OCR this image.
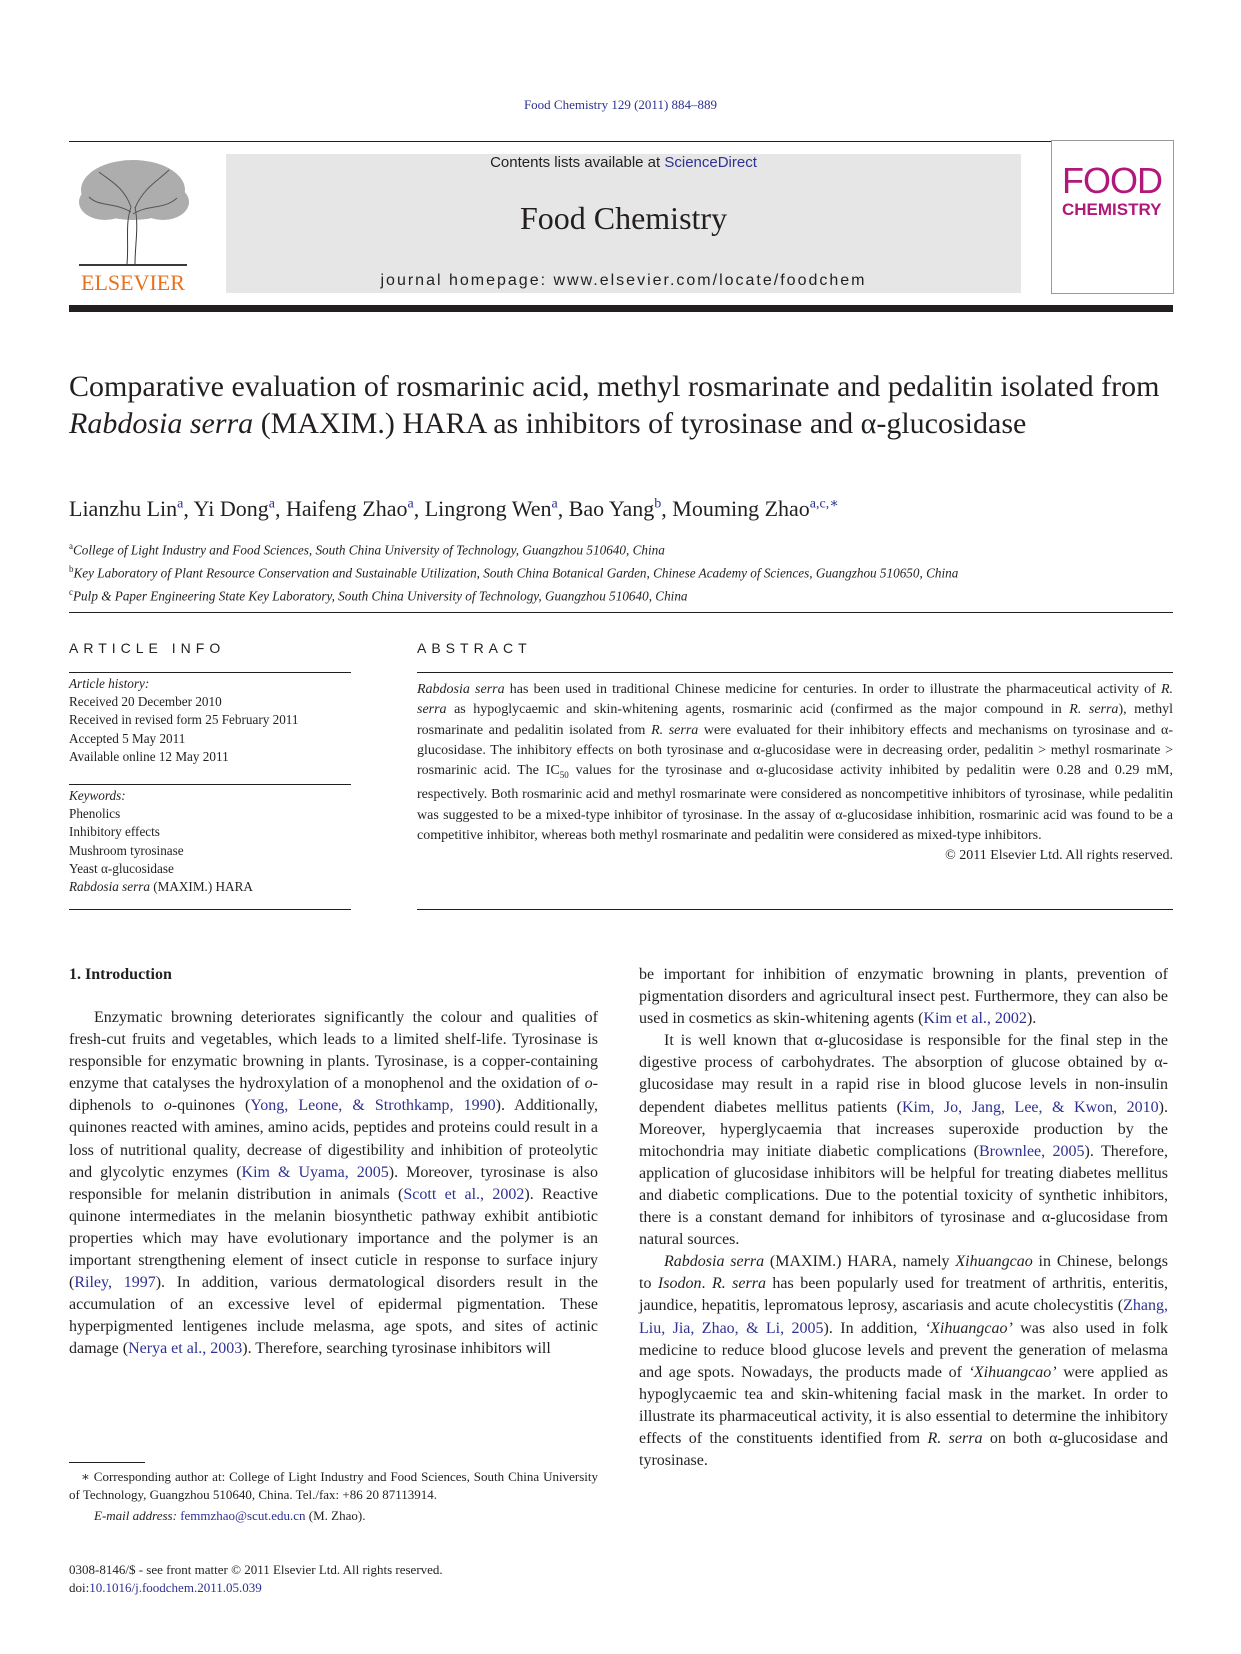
Food Chemistry 129 (2011) 884–889
ELSEVIER
Contents lists available at ScienceDirect
Food Chemistry
journal homepage: www.elsevier.com/locate/foodchem
FOOD
CHEMISTRY
Comparative evaluation of rosmarinic acid, methyl rosmarinate and pedalitin isolated from Rabdosia serra (MAXIM.) HARA as inhibitors of tyrosinase and α-glucosidase
Lianzhu Lin$^a$, Yi Dong$^a$, Haifeng Zhao$^a$, Lingrong Wen$^a$, Bao Yang$^b$, Mouming Zhao$^{a,c,∗}$
$^a$College of Light Industry and Food Sciences, South China University of Technology, Guangzhou 510640, China
$^b$Key Laboratory of Plant Resource Conservation and Sustainable Utilization, South China Botanical Garden, Chinese Academy of Sciences, Guangzhou 510650, China
$^c$Pulp & Paper Engineering State Key Laboratory, South China University of Technology, Guangzhou 510640, China
ARTICLE INFO
Article history:
Received 20 December 2010
Received in revised form 25 February 2011
Accepted 5 May 2011
Available online 12 May 2011
Keywords:
Phenolics
Inhibitory effects
Mushroom tyrosinase
Yeast α-glucosidase
Rabdosia serra (MAXIM.) HARA
ABSTRACT
Rabdosia serra has been used in traditional Chinese medicine for centuries. In order to illustrate the pharmaceutical activity of R. serra as hypoglycaemic and skin-whitening agents, rosmarinic acid (confirmed as the major compound in R. serra), methyl rosmarinate and pedalitin isolated from R. serra were evaluated for their inhibitory effects and mechanisms on tyrosinase and α-glucosidase. The inhibitory effects on both tyrosinase and α-glucosidase were in decreasing order, pedalitin > methyl rosmarinate > rosmarinic acid. The $IC_{50}$ values for the tyrosinase and α-glucosidase activity inhibited by pedalitin were 0.28 and 0.29 mM, respectively. Both rosmarinic acid and methyl rosmarinate were considered as noncompetitive inhibitors of tyrosinase, while pedalitin was suggested to be a mixed-type inhibitor of tyrosinase. In the assay of α-glucosidase inhibition, rosmarinic acid was found to be a competitive inhibitor, whereas both methyl rosmarinate and pedalitin were considered as mixed-type inhibitors.
© 2011 Elsevier Ltd. All rights reserved.
1. Introduction

Enzymatic browning deteriorates significantly the colour and qualities of fresh-cut fruits and vegetables, which leads to a limited shelf-life. Tyrosinase is responsible for enzymatic browning in plants. Tyrosinase, is a copper-containing enzyme that catalyses the hydroxylation of a monophenol and the oxidation of o-diphenols to o-quinones (Yong, Leone, & Strothkamp, 1990). Additionally, quinones reacted with amines, amino acids, peptides and proteins could result in a loss of nutritional quality, decrease of digestibility and inhibition of proteolytic and glycolytic enzymes (Kim & Uyama, 2005). Moreover, tyrosinase is also responsible for melanin distribution in animals (Scott et al., 2002). Reactive quinone intermediates in the melanin biosynthetic pathway exhibit antibiotic properties which may have evolutionary importance and the polymer is an important strengthening element of insect cuticle in response to surface injury (Riley, 1997). In addition, various dermatological disorders result in the accumulation of an excessive level of epidermal pigmentation. These hyperpigmented lentigenes include melasma, age spots, and sites of actinic damage (Nerya et al., 2003). Therefore, searching tyrosinase inhibitors will

be important for inhibition of enzymatic browning in plants, prevention of pigmentation disorders and agricultural insect pest. Furthermore, they can also be used in cosmetics as skin-whitening agents (Kim et al., 2002).

It is well known that α-glucosidase is responsible for the final step in the digestive process of carbohydrates. The absorption of glucose obtained by α-glucosidase may result in a rapid rise in blood glucose levels in non-insulin dependent diabetes mellitus patients (Kim, Jo, Jang, Lee, & Kwon, 2010). Moreover, hyperglycaemia that increases superoxide production by the mitochondria may initiate diabetic complications (Brownlee, 2005). Therefore, application of glucosidase inhibitors will be helpful for treating diabetes mellitus and diabetic complications. Due to the potential toxicity of synthetic inhibitors, there is a constant demand for inhibitors of tyrosinase and α-glucosidase from natural sources.

Rabdosia serra (MAXIM.) HARA, namely Xihuangcao in Chinese, belongs to Isodon. R. serra has been popularly used for treatment of arthritis, enteritis, jaundice, hepatitis, lepromatous leprosy, ascariasis and acute cholecystitis (Zhang, Liu, Jia, Zhao, & Li, 2005). In addition, ‘Xihuangcao’ was also used in folk medicine to reduce blood glucose levels and prevent the generation of melasma and age spots. Nowadays, the products made of ‘Xihuangcao’ were applied as hypoglycaemic tea and skin-whitening facial mask in the market. In order to illustrate its pharmaceutical activity, it is also essential to determine the inhibitory effects of the constituents identified from R. serra on both α-glucosidase and tyrosinase.

∗ Corresponding author at: College of Light Industry and Food Sciences, South China University of Technology, Guangzhou 510640, China. Tel./fax: +86 20 87113914.

E-mail address: femmzhao@scut.edu.cn (M. Zhao).

0308-8146/$ - see front matter © 2011 Elsevier Ltd. All rights reserved.
doi:10.1016/j.foodchem.2011.05.039
